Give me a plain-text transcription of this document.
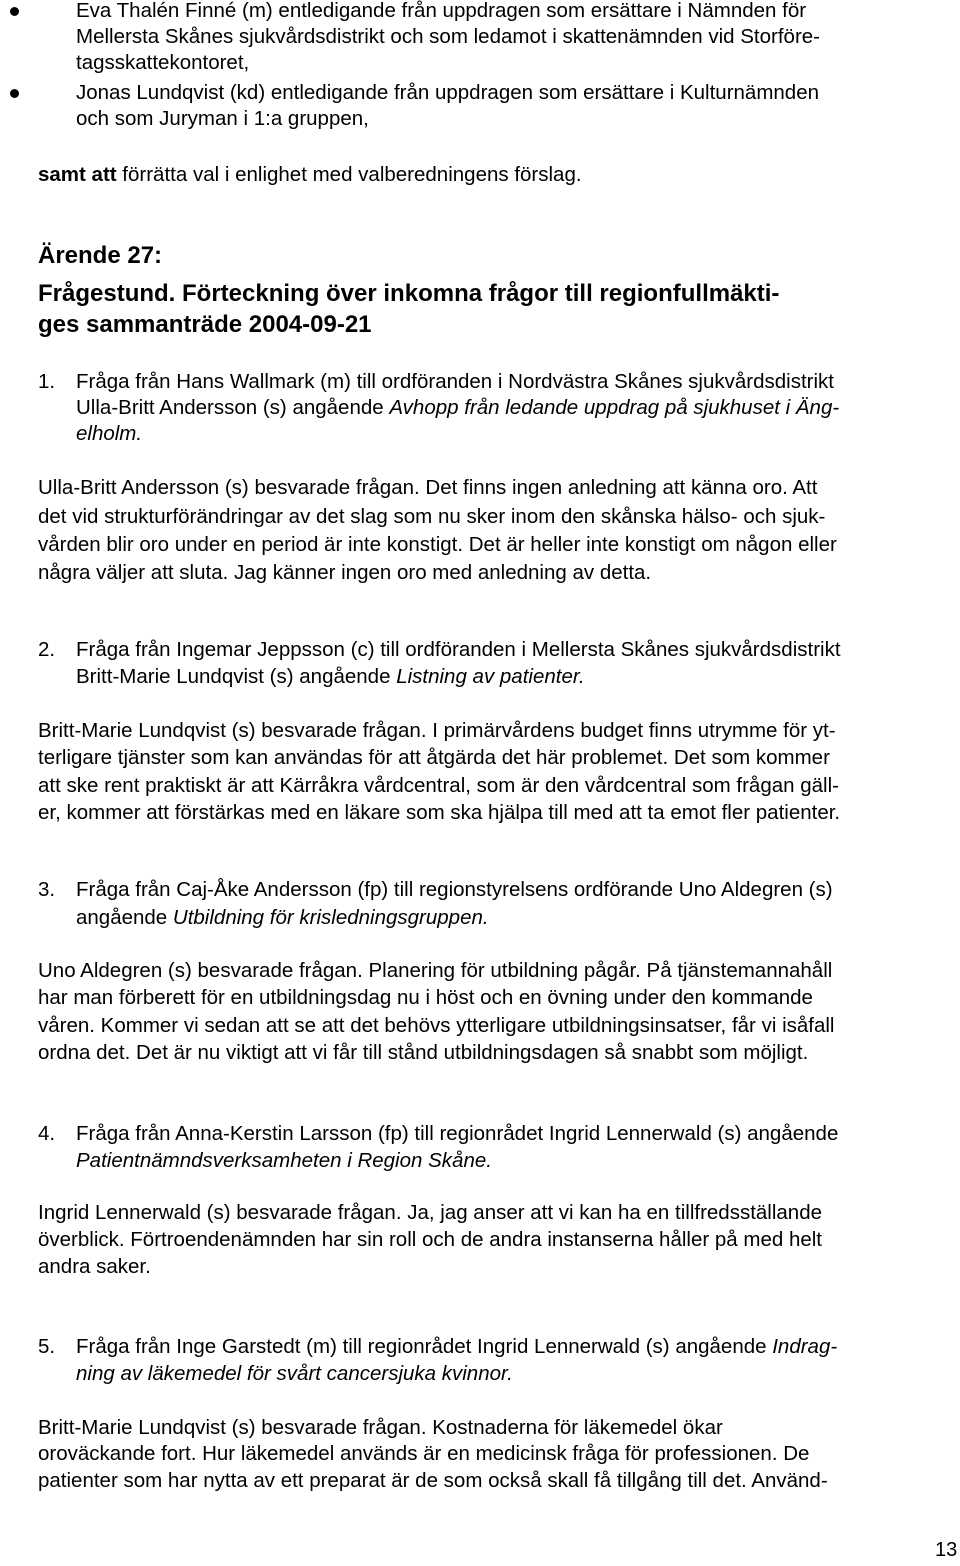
Eva Thalén Finné (m) entledigande från uppdragen som ersättare i Nämnden för
Mellersta Skånes sjukvårdsdistrikt och som ledamot i skattenämnden vid Storföre-
tagsskattekontoret,
Jonas Lundqvist (kd) entledigande från uppdragen som ersättare i Kulturnämnden
och som Juryman i 1:a gruppen,
samt att förrätta val i enlighet med valberedningens förslag.
Ärende 27:
Frågestund. Förteckning över inkomna frågor till regionfullmäkti-
ges sammanträde 2004-09-21
1. Fråga från Hans Wallmark (m) till ordföranden i Nordvästra Skånes sjukvårdsdistrikt
Ulla-Britt Andersson (s) angående Avhopp från ledande uppdrag på sjukhuset i Äng-
elholm.
Ulla-Britt Andersson (s) besvarade frågan. Det finns ingen anledning att känna oro. Att
det vid strukturförändringar av det slag som nu sker inom den skånska hälso- och sjuk-
vården blir oro under en period är inte konstigt. Det är heller inte konstigt om någon eller
några väljer att sluta. Jag känner ingen oro med anledning av detta.
2. Fråga från Ingemar Jeppsson (c) till ordföranden i Mellersta Skånes sjukvårdsdistrikt
Britt-Marie Lundqvist (s) angående Listning av patienter.
Britt-Marie Lundqvist (s) besvarade frågan. I primärvårdens budget finns utrymme för yt-
terligare tjänster som kan användas för att åtgärda det här problemet. Det som kommer
att ske rent praktiskt är att Kärråkra vårdcentral, som är den vårdcentral som frågan gäll-
er, kommer att förstärkas med en läkare som ska hjälpa till med att ta emot fler patienter.
3. Fråga från Caj-Åke Andersson (fp) till regionstyrelsens ordförande Uno Aldegren (s)
angående Utbildning för krisledningsgruppen.
Uno Aldegren (s) besvarade frågan. Planering för utbildning pågår. På tjänstemannahåll
har man förberett för en utbildningsdag nu i höst och en övning under den kommande
våren. Kommer vi sedan att se att det behövs ytterligare utbildningsinsatser, får vi isåfall
ordna det. Det är nu viktigt att vi får till stånd utbildningsdagen så snabbt som möjligt.
4. Fråga från Anna-Kerstin Larsson (fp) till regionrådet Ingrid Lennerwald (s) angående
Patientnämndsverksamheten i Region Skåne.
Ingrid Lennerwald (s) besvarade frågan. Ja, jag anser att vi kan ha en tillfredsställande
överblick. Förtroendenämnden har sin roll och de andra instanserna håller på med helt
andra saker.
5. Fråga från Inge Garstedt (m) till regionrådet Ingrid Lennerwald (s) angående Indrag-
ning av läkemedel för svårt cancersjuka kvinnor.
Britt-Marie Lundqvist (s) besvarade frågan. Kostnaderna för läkemedel ökar
oroväckande fort. Hur läkemedel används är en medicinsk fråga för professionen. De
patienter som har nytta av ett preparat är de som också skall få tillgång till det. Använd-
13
